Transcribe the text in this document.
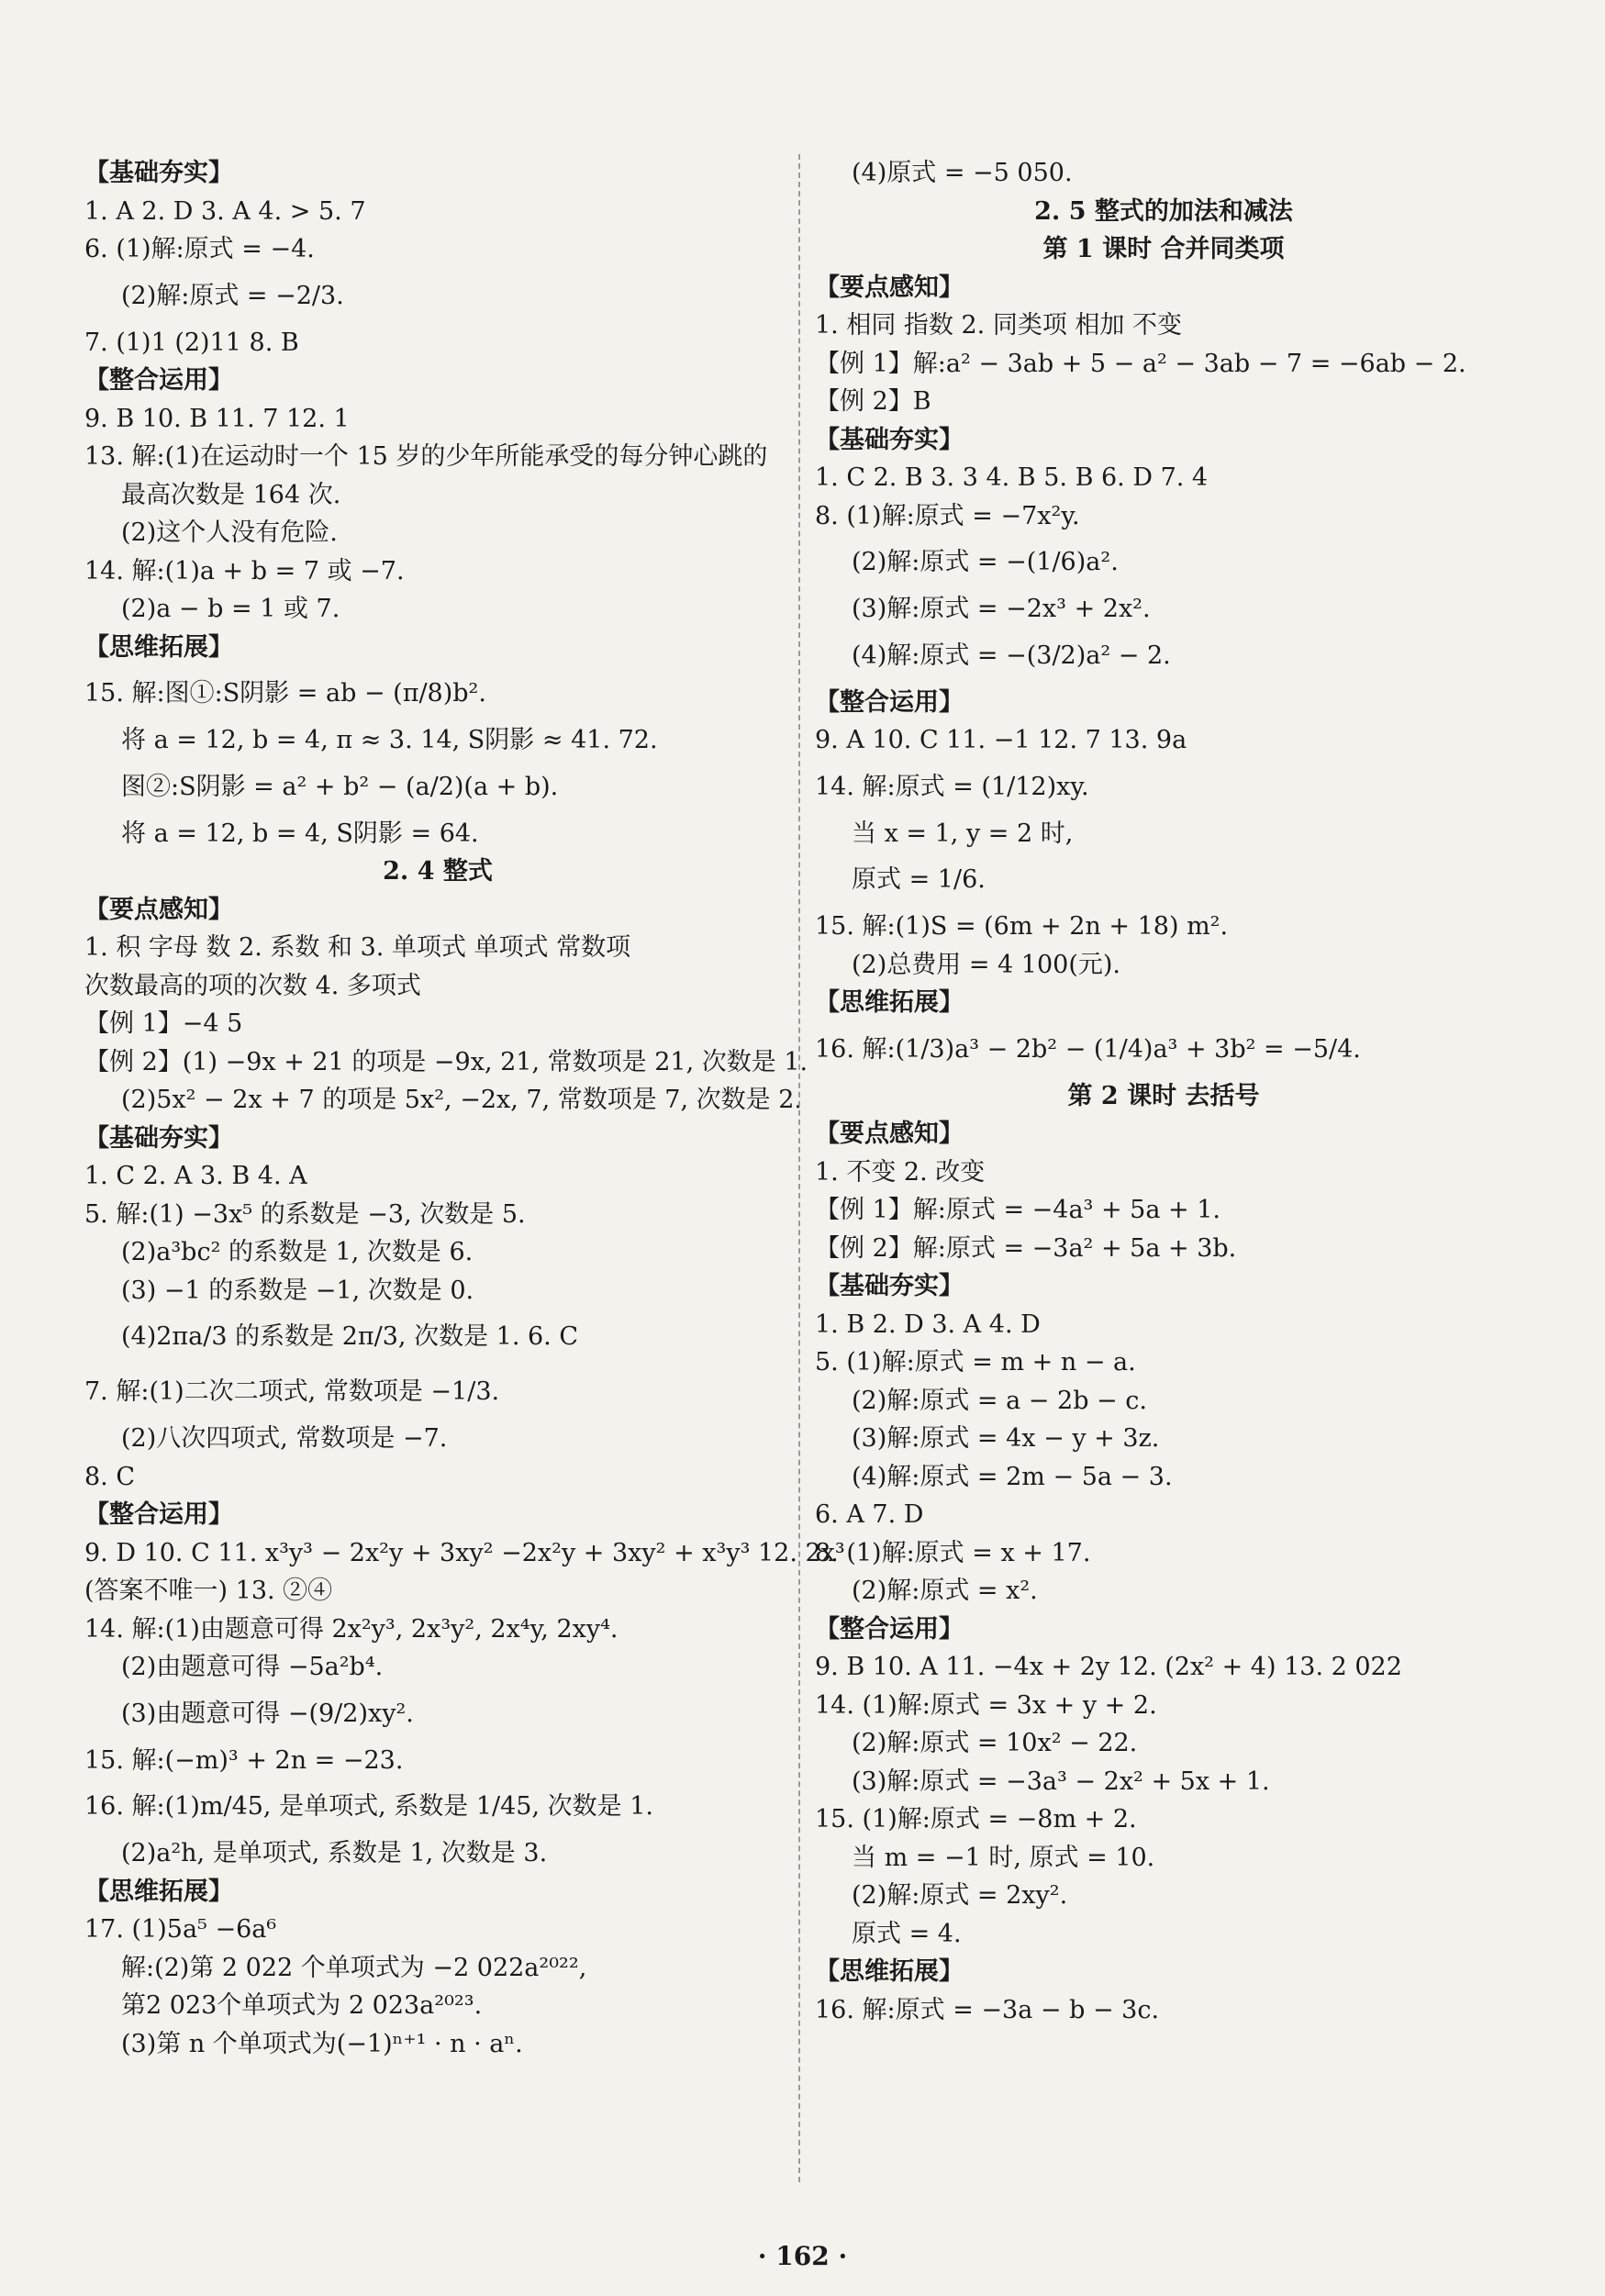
【基础夯实】
1. A 2. D 3. A 4. > 5. 7
6. (1)解:原式 = −4.
(2)解:原式 = −2/3.
7. (1)1 (2)11 8. B
【整合运用】
9. B 10. B 11. 7 12. 1
13. 解:(1)在运动时一个 15 岁的少年所能承受的每分钟心跳的
最高次数是 164 次.
(2)这个人没有危险.
14. 解:(1)a + b = 7 或 −7.
(2)a − b = 1 或 7.
【思维拓展】
15. 解:图①:S阴影 = ab − (π/8)b².
将 a = 12, b = 4, π ≈ 3. 14, S阴影 ≈ 41. 72.
图②:S阴影 = a² + b² − (a/2)(a + b).
将 a = 12, b = 4, S阴影 = 64.
2. 4 整式
【要点感知】
1. 积 字母 数 2. 系数 和 3. 单项式 单项式 常数项
次数最高的项的次数 4. 多项式
【例 1】−4 5
【例 2】(1) −9x + 21 的项是 −9x, 21, 常数项是 21, 次数是 1.
(2)5x² − 2x + 7 的项是 5x², −2x, 7, 常数项是 7, 次数是 2.
【基础夯实】
1. C 2. A 3. B 4. A
5. 解:(1) −3x⁵ 的系数是 −3, 次数是 5.
(2)a³bc² 的系数是 1, 次数是 6.
(3) −1 的系数是 −1, 次数是 0.
(4)2πa/3 的系数是 2π/3, 次数是 1. 6. C
7. 解:(1)二次二项式, 常数项是 −1/3.
(2)八次四项式, 常数项是 −7.
8. C
【整合运用】
9. D 10. C 11. x³y³ − 2x²y + 3xy² −2x²y + 3xy² + x³y³ 12. 2x³
(答案不唯一) 13. ②④
14. 解:(1)由题意可得 2x²y³, 2x³y², 2x⁴y, 2xy⁴.
(2)由题意可得 −5a²b⁴.
(3)由题意可得 −(9/2)xy².
15. 解:(−m)³ + 2n = −23.
16. 解:(1)m/45, 是单项式, 系数是 1/45, 次数是 1.
(2)a²h, 是单项式, 系数是 1, 次数是 3.
【思维拓展】
17. (1)5a⁵ −6a⁶
解:(2)第 2 022 个单项式为 −2 022a²⁰²²,
第2 023个单项式为 2 023a²⁰²³.
(3)第 n 个单项式为(−1)ⁿ⁺¹ · n · aⁿ.
(4)原式 = −5 050.
2. 5 整式的加法和减法
第 1 课时 合并同类项
【要点感知】
1. 相同 指数 2. 同类项 相加 不变
【例 1】解:a² − 3ab + 5 − a² − 3ab − 7 = −6ab − 2.
【例 2】B
【基础夯实】
1. C 2. B 3. 3 4. B 5. B 6. D 7. 4
8. (1)解:原式 = −7x²y.
(2)解:原式 = −(1/6)a².
(3)解:原式 = −2x³ + 2x².
(4)解:原式 = −(3/2)a² − 2.
【整合运用】
9. A 10. C 11. −1 12. 7 13. 9a
14. 解:原式 = (1/12)xy.
当 x = 1, y = 2 时,
原式 = 1/6.
15. 解:(1)S = (6m + 2n + 18) m².
(2)总费用 = 4 100(元).
【思维拓展】
16. 解:(1/3)a³ − 2b² − (1/4)a³ + 3b² = −5/4.
第 2 课时 去括号
【要点感知】
1. 不变 2. 改变
【例 1】解:原式 = −4a³ + 5a + 1.
【例 2】解:原式 = −3a² + 5a + 3b.
【基础夯实】
1. B 2. D 3. A 4. D
5. (1)解:原式 = m + n − a.
(2)解:原式 = a − 2b − c.
(3)解:原式 = 4x − y + 3z.
(4)解:原式 = 2m − 5a − 3.
6. A 7. D
8. (1)解:原式 = x + 17.
(2)解:原式 = x².
【整合运用】
9. B 10. A 11. −4x + 2y 12. (2x² + 4) 13. 2 022
14. (1)解:原式 = 3x + y + 2.
(2)解:原式 = 10x² − 22.
(3)解:原式 = −3a³ − 2x² + 5x + 1.
15. (1)解:原式 = −8m + 2.
当 m = −1 时, 原式 = 10.
(2)解:原式 = 2xy².
原式 = 4.
【思维拓展】
16. 解:原式 = −3a − b − 3c.
· 162 ·
